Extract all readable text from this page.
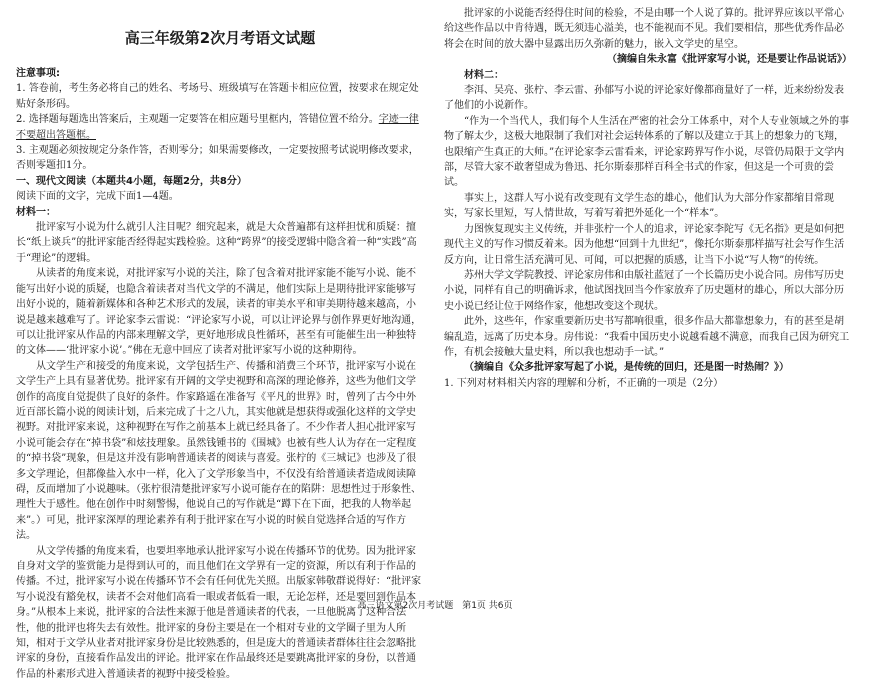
高三年级第2次月考语文试题

注意事项:

1. 答卷前，考生务必将自己的姓名、考场号、班级填写在答题卡相应位置，按要求在规定处贴好条形码。

2. 选择题每题选出答案后，主观题一定要答在相应题号里框内，答错位置不给分。字迹一律不要超出答题框。

3. 主观题必须按规定分条作答，否则零分；如果需要修改，一定要按照考试说明修改要求，否则零题扣1分。

一、现代文阅读（本题共4小题，每题2分，共8分）

阅读下面的文字，完成下面1—4题。

材料一：

批评家写小说为什么就引人注目呢？细究起来，就是大众普遍都有这样担忧和质疑：擅长“纸上谈兵”的批评家能否经得起实践检验。这种“跨界”的接受逻辑中隐含着一种“实践”高于“理论”的逻辑。

从读者的角度来说，对批评家写小说的关注，除了包含着对批评家能不能写小说、能不能写出好小说的质疑，也隐含着读者对当代文学的不满足，他们实际上是期待批评家能够写出好小说的，随着新媒体和各种艺术形式的发展，读者的审美水平和审美期待越来越高，小说是越来越难写了。评论家李云雷说：“评论家写小说，可以让评论界与创作界更好地沟通，可以让批评家从作品的内部来理解文学，更好地形成良性循环，甚至有可能催生出一种独特的文体——‘批评家小说’。”佛在无意中回应了读者对批评家写小说的这种期待。

从文学生产和接受的角度来说，文学包括生产、传播和消费三个环节，批评家写小说在文学生产上具有显著优势。批评家有开阔的文学史视野和高深的理论修养，这些为他们文学创作的高度自觉提供了良好的条件。作家路遥在准备写《平凡的世界》时，曾列了古今中外近百部长篇小说的阅读计划，后来完成了十之八九，其实他就是想获得或强化这样的文学史视野。对批评家来说，这种视野在写作之前基本上就已经具备了。不少作者人担心批评家写小说可能会存在“掉书袋”和炫技理象。虽然钱锺书的《围城》也被有些人认为存在一定程度的“掉书袋”现象，但是这并没有影响普通读者的阅读与喜爱。张柠的《三城记》也涉及了很多文学理论，但都像盐入水中一样，化入了文学形象当中，不仅没有给普通读者造成阅读障碍，反而增加了小说趣味。（张柠很清楚批评家写小说可能存在的陷阱：思想性过于形象性、理性大于感性。他在创作中时刻警惕，他说自己的写作就是“蹲下在下面，把我的人物举起来”。）可见，批评家深厚的理论素养有利于批评家在写小说的时候自觉选择合适的写作方法。

从文学传播的角度来看，也要坦率地承认批评家写小说在传播环节的优势。因为批评家自身对文学的鉴赏能力是得到认可的，而且他们在文学界有一定的资源，所以有利于作品的传播。不过，批评家写小说在传播环节不会有任何优先关照。出版家韩敬群说得好：“批评家写小说没有豁免权，读者不会对他们高看一眼或者低看一眼，无论怎样，还是要回到作品本身。”从根本上来说，批评家的合法性来源于他是普通读者的代表，一旦他脱离了这种合法性，他的批评也将失去有效性。批评家的身份主要是在一个相对专业的文学圈子里为人所知，相对于文学从业者对批评家身份是比较熟悉的，但是庞大的普通读者群体往往会忽略批评家的身份，直接看作品发出的评论。批评家在作品最终还是要跳离批评家的身份，以普通作品的朴素形式进入普通读者的视野中接受检验。

批评家的小说能否经得住时间的检验，不是由哪一个人说了算的。批评界应该以平常心给这些作品以中肯待遇，既无须违心溢美，也不能视而不见。我们要相信，那些优秀作品必将会在时间的放大器中显露出历久弥新的魅力，嵌入文学史的星空。

（摘编自朱永富《批评家写小说，还是要让作品说话》）

材料二：

李洱、吴亮、张柠、李云雷、孙郁写小说的评论家好像都商量好了一样，近来纷纷发表了他们的小说新作。

“作为一个当代人，我们每个人生活在严密的社会分工体系中，对个人专业领域之外的事物了解太少，这极大地限制了我们对社会运转体系的了解以及建立于其上的想象力的飞翔，也限缩产生真正的大师。”在评论家李云雷看来，评论家跨界写作小说，尽管仍局限于文学内部，尽管大家不敢奢望成为鲁迅、托尔斯泰那样百科全书式的作家，但这是一个可贵的尝试。

事实上，这群人写小说有改变现有文学生态的雄心，他们认为大部分作家都缩目常现实，写家长里短，写人情世故，写着写着把外延化一个“样本”。

力图恢复现实主义传统，并非张柠一个人的追求，评论家李陀写《无名指》更是如何把现代主义的写作习惯反着来。因为他想“回到十九世纪”，像托尔斯泰那样描写社会写作生活反方向，让日常生活充满可见、可闻，可以把握的质感，让当下小说“写人物”的传统。

苏州大学文学院教授、评论家房伟和由版社蓝冠了一个长篇历史小说合同。房伟写历史小说，同样有自己的明确诉求，他试图找回当今作家放弃了历史题材的雄心，所以大部分历史小说已经让位于网络作家，他想改变这个现状。

此外，这些年，作家重要新历史书写都响很重，很多作品大都靠想象力，有的甚至是胡编乱造，远离了历史本身。房伟说：“我看中国历史小说越看越不满意，而我自己因为研究工作，有机会接触大量史料，所以我也想动手一试。”

（摘编自《众多批评家写起了小说，是传统的回归，还是图一时热闹？》）

1. 下列对材料相关内容的理解和分析，不正确的一项是（2分）

高三语文第2次月考试题　第1页 共6页
